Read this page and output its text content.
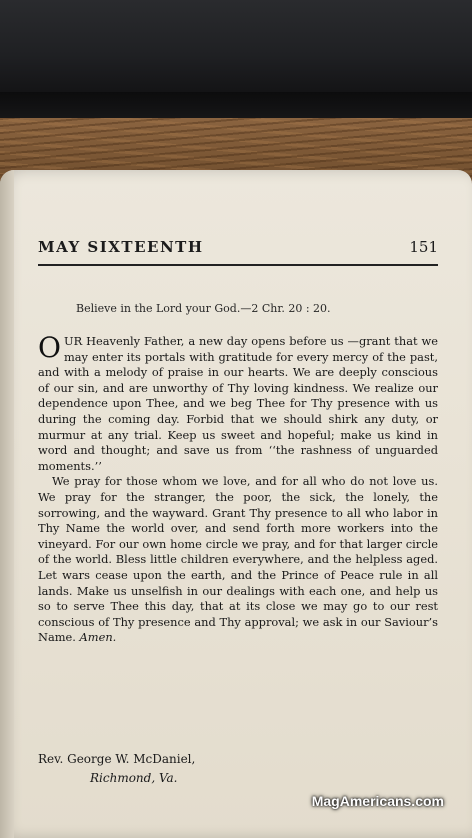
MAY SIXTEENTH	151
Believe in the Lord your God.—2 Chr. 20 : 20.

OUR Heavenly Father, a new day opens before us —grant that we may enter its portals with gratitude for every mercy of the past, and with a melody of praise in our hearts. We are deeply conscious of our sin, and are unworthy of Thy loving kindness. We realize our dependence upon Thee, and we beg Thee for Thy presence with us during the coming day. Forbid that we should shirk any duty, or murmur at any trial. Keep us sweet and hopeful; make us kind in word and thought; and save us from ‘‘the rashness of unguarded moments.’’

We pray for those whom we love, and for all who do not love us. We pray for the stranger, the poor, the sick, the lonely, the sorrowing, and the wayward. Grant Thy presence to all who labor in Thy Name the world over, and send forth more workers into the vineyard. For our own home circle we pray, and for that larger circle of the world. Bless little children everywhere, and the helpless aged. Let wars cease upon the earth, and the Prince of Peace rule in all lands. Make us unselfish in our dealings with each one, and help us so to serve Thee this day, that at its close we may go to our rest conscious of Thy presence and Thy approval; we ask in our Saviour’s Name. Amen.

Rev. George W. McDaniel,
Richmond, Va.
MagAmericans.com
